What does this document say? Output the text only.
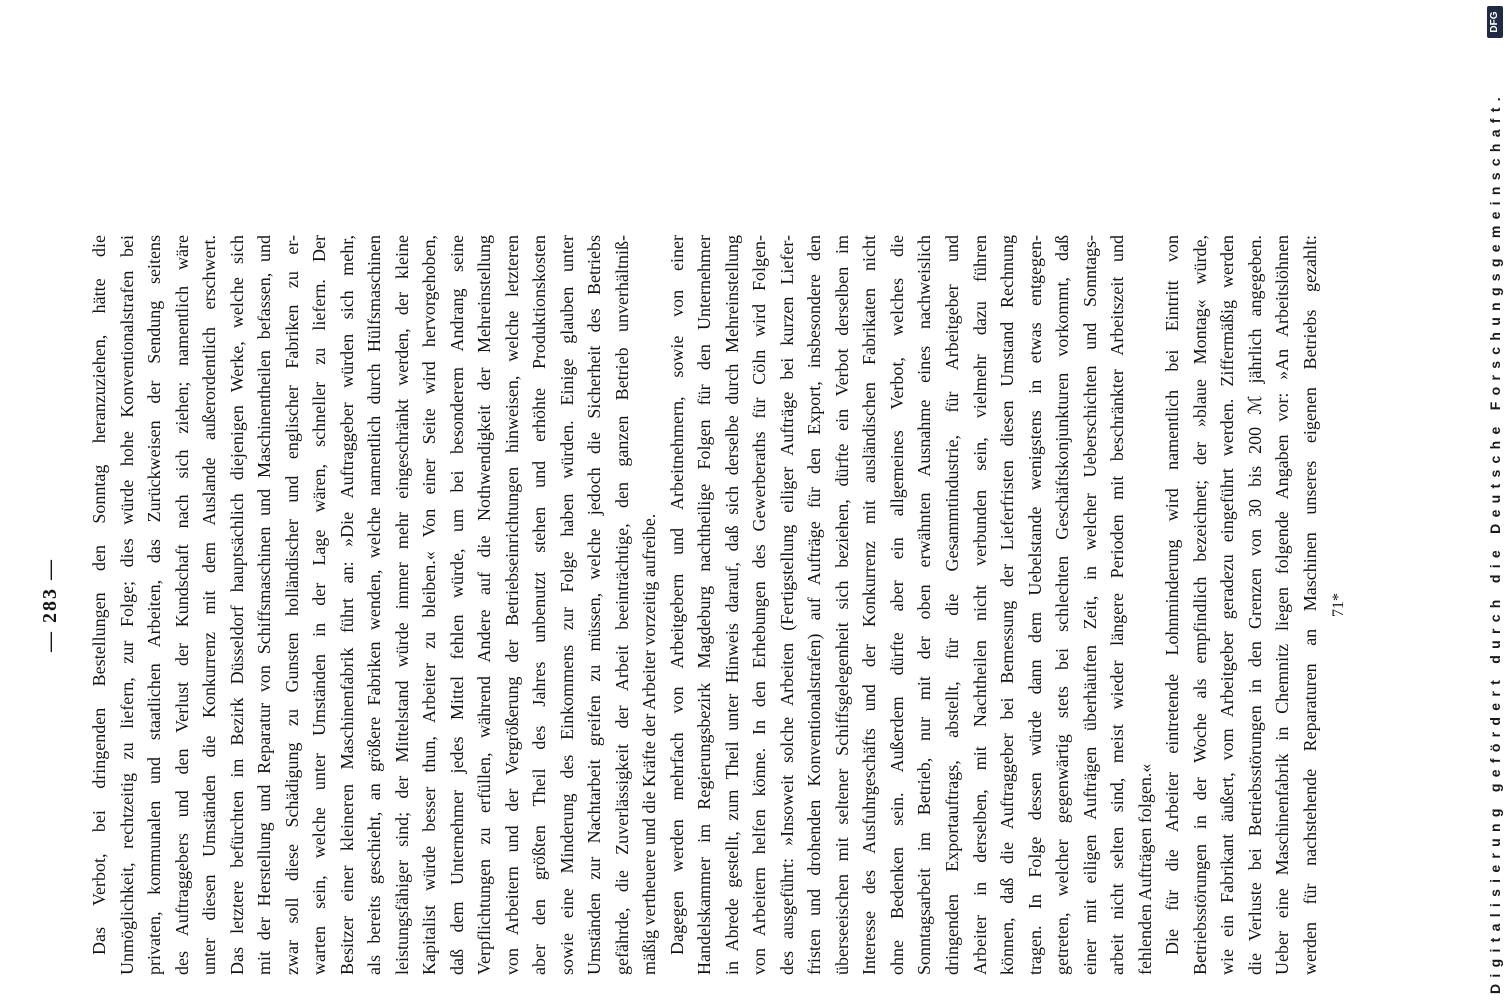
— 283 — Das Verbot, bei dringenden Bestellungen den Sonntag heranzuziehen, hätte die Unmöglichkeit, rechtzeitig zu liefern, zur Folge; dies würde hohe Konventionalstrafen bei privaten, kommunalen und staatlichen Arbeiten, das Zurückweisen der Sendung seitens des Auftraggebers und den Verlust der Kundschaft nach sich ziehen; namentlich wäre unter diesen Umständen die Konkurrenz mit dem Auslande außerordentlich erschwert. Das letztere befürchten im Bezirk Düsseldorf hauptsächlich diejenigen Werke, welche sich mit der Herstellung und Reparatur von Schiffsmaschinen und Maschinentheilen befassen, und zwar soll diese Schädigung zu Gunsten holländischer und englischer Fabriken zu er- warten sein, welche unter Umständen in der Lage wären, schneller zu liefern. Der Besitzer einer kleineren Maschinenfabrik führt an: »Die Auftraggeber würden sich mehr, als bereits geschieht, an größere Fabriken wenden, welche namentlich durch Hülfsmaschinen leistungsfähiger sind; der Mittelstand würde immer mehr eingeschränkt werden, der kleine Kapitalist würde besser thun, Arbeiter zu bleiben.« Von einer Seite wird hervorgehoben, daß dem Unternehmer jedes Mittel fehlen würde, um bei besonderem Andrang seine Verpflichtungen zu erfüllen, während Andere auf die Nothwendigkeit der Mehreinstellung von Arbeitern und der Vergrößerung der Betriebseinrichtungen hinweisen, welche letzteren aber den größten Theil des Jahres unbenutzt stehen und erhöhte Produktionskosten sowie eine Minderung des Einkommens zur Folge haben würden. Einige glauben unter Umständen zur Nachtarbeit greifen zu müssen, welche jedoch die Sicherheit des Betriebs gefährde, die Zuverlässigkeit der Arbeit beeinträchtige, den ganzen Betrieb unverhältniß- mäßig vertheuere und die Kräfte der Arbeiter vorzeitig aufreibe. Dagegen werden mehrfach von Arbeitgebern und Arbeitnehmern, sowie von einer Handelskammer im Regierungsbezirk Magdeburg nachtheilige Folgen für den Unternehmer in Abrede gestellt, zum Theil unter Hinweis darauf, daß sich derselbe durch Mehreinstellung von Arbeitern helfen könne. In den Erhebungen des Gewerberaths für Cöln wird Folgen- des ausgeführt: »Insoweit solche Arbeiten (Fertigstellung eiliger Aufträge bei kurzen Liefer- fristen und drohenden Konventionalstrafen) auf Aufträge für den Export, insbesondere den überseeischen mit seltener Schiffsgelegenheit sich beziehen, dürfte ein Verbot derselben im Interesse des Ausfuhrgeschäfts und der Konkurrenz mit ausländischen Fabrikaten nicht ohne Bedenken sein. Außerdem dürfte aber ein allgemeines Verbot, welches die Sonntagsarbeit im Betrieb, nur mit der oben erwähnten Ausnahme eines nachweislich dringenden Exportauftrags, abstellt, für die Gesammtindustrie, für Arbeitgeber und Arbeiter in derselben, mit Nachtheilen nicht verbunden sein, vielmehr dazu führen können, daß die Auftraggeber bei Bemessung der Lieferfristen diesen Umstand Rechnung tragen. In Folge dessen würde dann dem Uebelstande wenigstens in etwas entgegen- getreten, welcher gegenwärtig stets bei schlechten Geschäftskonjunkturen vorkommt, daß einer mit eiligen Aufträgen überhäuften Zeit, in welcher Ueberschichten und Sonntags- arbeit nicht selten sind, meist wieder längere Perioden mit beschränkter Arbeitszeit und fehlenden Aufträgen folgen.« Die für die Arbeiter eintretende Lohnminderung wird namentlich bei Eintritt von Betriebsstörungen in der Woche als empfindlich bezeichnet; der »blaue Montag« würde, wie ein Fabrikant äußert, vom Arbeitgeber geradezu eingeführt werden. Ziffermäßig werden die Verluste bei Betriebsstörungen in den Grenzen von 30 bis 200 ℳ jährlich angegeben. Ueber eine Maschinenfabrik in Chemnitz liegen folgende Angaben vor: »An Arbeitslöhnen werden für nachstehende Reparaturen an Maschinen unseres eigenen Betriebs gezahlt: 71*	Digitalisierung gefördert durch die Deutsche Forschungsgemeinschaft.
DFG
